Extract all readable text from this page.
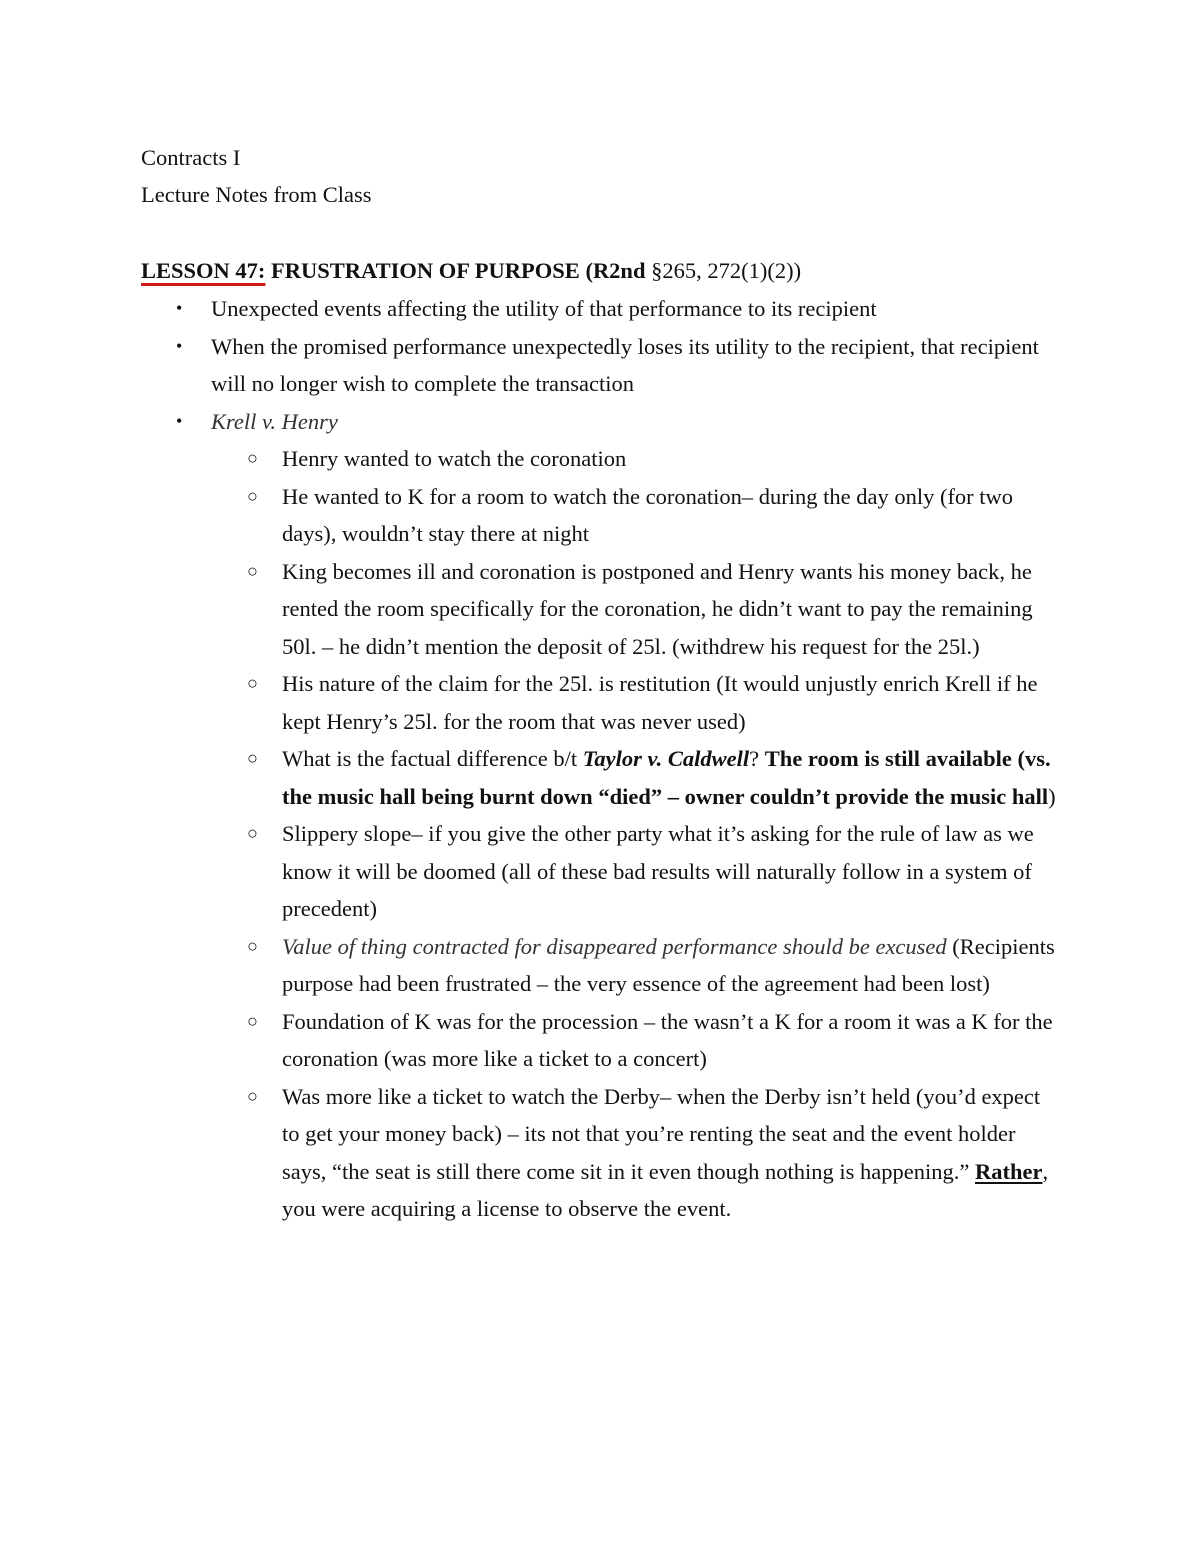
Contracts I
Lecture Notes from Class
LESSON 47: FRUSTRATION OF PURPOSE (R2nd §265, 272(1)(2))
• Unexpected events affecting the utility of that performance to its recipient
• When the promised performance unexpectedly loses its utility to the recipient, that recipient will no longer wish to complete the transaction
• Krell v. Henry
○ Henry wanted to watch the coronation
○ He wanted to K for a room to watch the coronation– during the day only (for two days), wouldn’t stay there at night
○ King becomes ill and coronation is postponed and Henry wants his money back, he rented the room specifically for the coronation, he didn’t want to pay the remaining 50l. – he didn’t mention the deposit of 25l. (withdrew his request for the 25l.)
○ His nature of the claim for the 25l. is restitution (It would unjustly enrich Krell if he kept Henry’s 25l. for the room that was never used)
○ What is the factual difference b/t Taylor v. Caldwell? The room is still available (vs. the music hall being burnt down “died” – owner couldn’t provide the music hall)
○ Slippery slope– if you give the other party what it’s asking for the rule of law as we know it will be doomed (all of these bad results will naturally follow in a system of precedent)
○ Value of thing contracted for disappeared performance should be excused (Recipients purpose had been frustrated – the very essence of the agreement had been lost)
○ Foundation of K was for the procession – the wasn’t a K for a room it was a K for the coronation (was more like a ticket to a concert)
○ Was more like a ticket to watch the Derby– when the Derby isn’t held (you’d expect to get your money back) – its not that you’re renting the seat and the event holder says, “the seat is still there come sit in it even though nothing is happening.” Rather, you were acquiring a license to observe the event.
